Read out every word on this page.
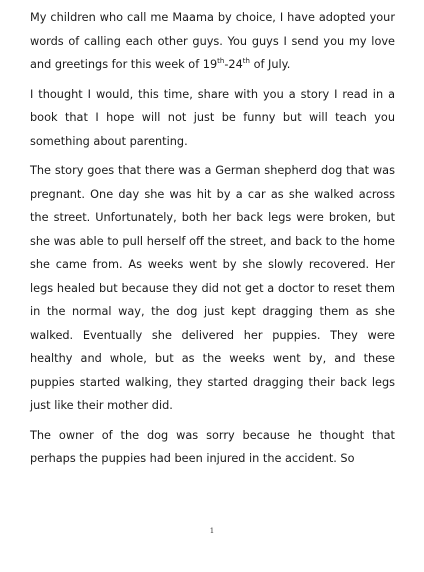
My children who call me Maama by choice, I have adopted your words of calling each other guys. You guys I send you my love and greetings for this week of 19th-24th of July.

I thought I would, this time, share with you a story I read in a book that I hope will not just be funny but will teach you something about parenting.

The story goes that there was a German shepherd dog that was pregnant. One day she was hit by a car as she walked across the street. Unfortunately, both her back legs were broken, but she was able to pull herself off the street, and back to the home she came from. As weeks went by she slowly recovered. Her legs healed but because they did not get a doctor to reset them in the normal way, the dog just kept dragging them as she walked. Eventually she delivered her puppies. They were healthy and whole, but as the weeks went by, and these puppies started walking, they started dragging their back legs just like their mother did.

The owner of the dog was sorry because he thought that perhaps the puppies had been injured in the accident. So

1
